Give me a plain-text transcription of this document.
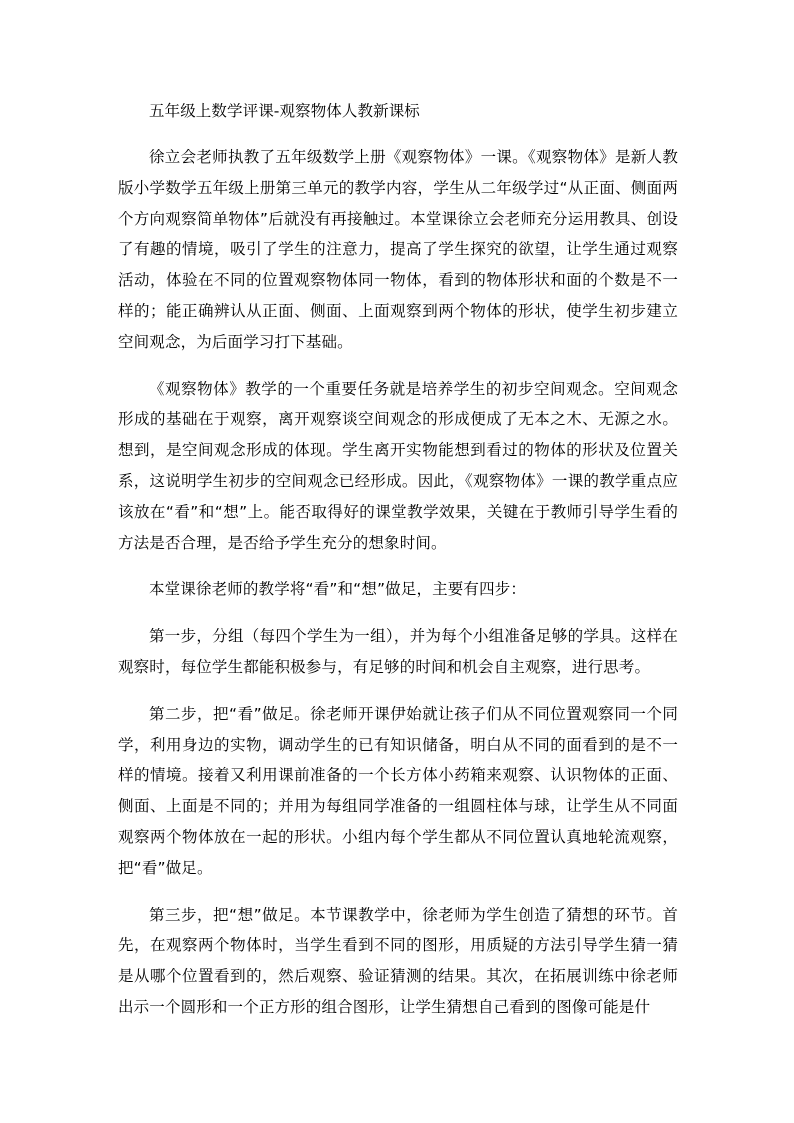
五年级上数学评课-观察物体人教新课标

徐立会老师执教了五年级数学上册《观察物体》一课。《观察物体》是新人教版小学数学五年级上册第三单元的教学内容，学生从二年级学过“从正面、侧面两个方向观察简单物体”后就没有再接触过。本堂课徐立会老师充分运用教具、创设了有趣的情境，吸引了学生的注意力，提高了学生探究的欲望，让学生通过观察活动，体验在不同的位置观察物体同一物体，看到的物体形状和面的个数是不一样的；能正确辨认从正面、侧面、上面观察到两个物体的形状，使学生初步建立空间观念，为后面学习打下基础。

《观察物体》教学的一个重要任务就是培养学生的初步空间观念。空间观念形成的基础在于观察，离开观察谈空间观念的形成便成了无本之木、无源之水。想到，是空间观念形成的体现。学生离开实物能想到看过的物体的形状及位置关系，这说明学生初步的空间观念已经形成。因此，《观察物体》一课的教学重点应该放在“看”和“想”上。能否取得好的课堂教学效果，关键在于教师引导学生看的方法是否合理，是否给予学生充分的想象时间。

本堂课徐老师的教学将“看”和“想”做足，主要有四步：

第一步，分组（每四个学生为一组），并为每个小组准备足够的学具。这样在观察时，每位学生都能积极参与，有足够的时间和机会自主观察，进行思考。

第二步，把“看”做足。徐老师开课伊始就让孩子们从不同位置观察同一个同学，利用身边的实物，调动学生的已有知识储备，明白从不同的面看到的是不一样的情境。接着又利用课前准备的一个长方体小药箱来观察、认识物体的正面、侧面、上面是不同的；并用为每组同学准备的一组圆柱体与球，让学生从不同面观察两个物体放在一起的形状。小组内每个学生都从不同位置认真地轮流观察，把“看”做足。

第三步，把“想”做足。本节课教学中，徐老师为学生创造了猜想的环节。首先，在观察两个物体时，当学生看到不同的图形，用质疑的方法引导学生猜一猜是从哪个位置看到的，然后观察、验证猜测的结果。其次，在拓展训练中徐老师出示一个圆形和一个正方形的组合图形，让学生猜想自己看到的图像可能是什
